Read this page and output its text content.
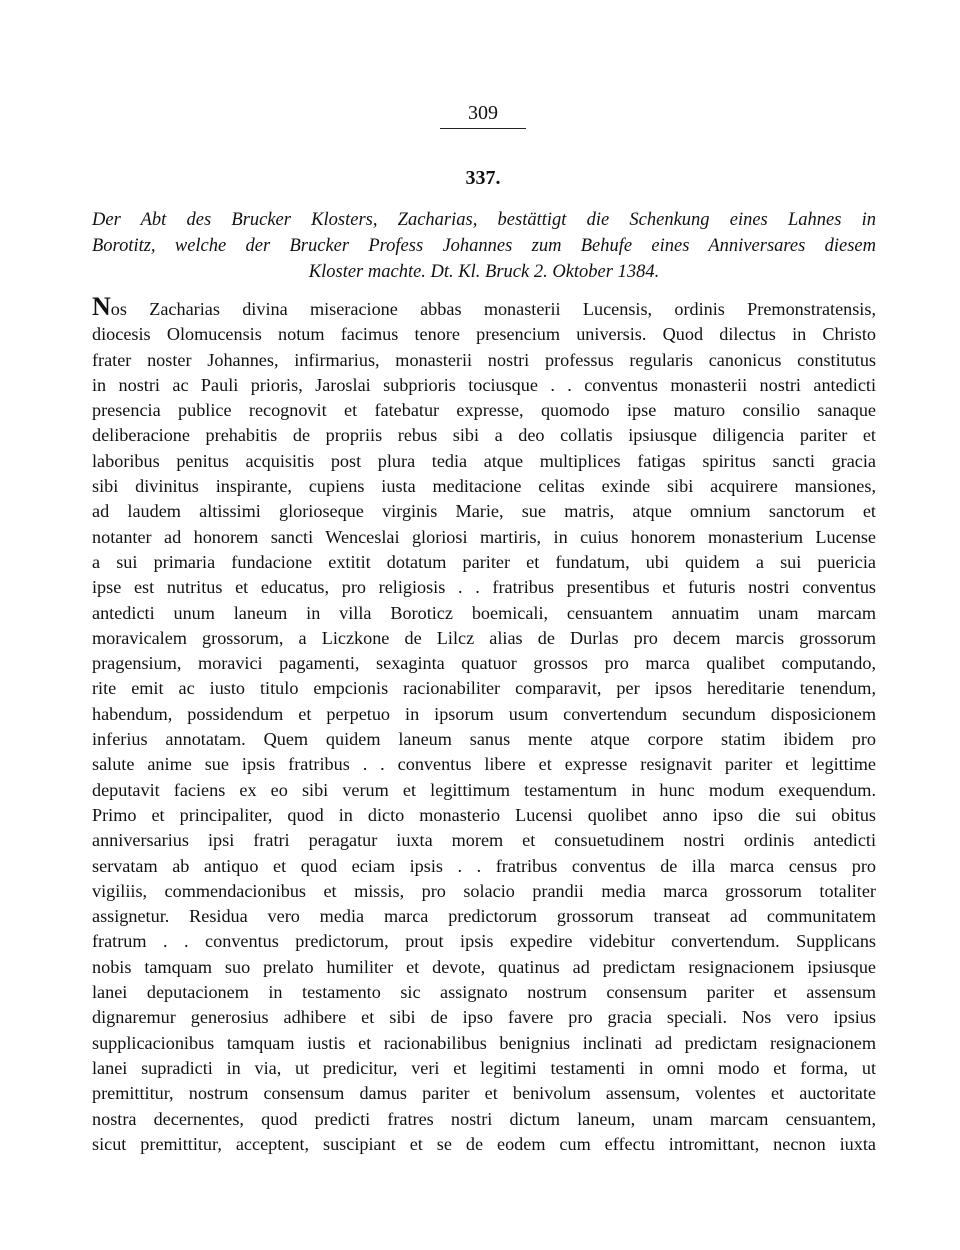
309
337.
Der Abt des Brucker Klosters, Zacharias, bestättigt die Schenkung eines Lahnes in
Borotitz, welche der Brucker Profess Johannes zum Behufe eines Anniversares diesem
Kloster machte. Dt. Kl. Bruck 2. Oktober 1384.
Nos Zacharias divina miseracione abbas monasterii Lucensis, ordinis Premonstratensis,
diocesis Olomucensis notum facimus tenore presencium universis. Quod dilectus in Christo
frater noster Johannes, infirmarius, monasterii nostri professus regularis canonicus constitutus
in nostri ac Pauli prioris, Jaroslai subprioris tociusque . . conventus monasterii nostri antedicti
presencia publice recognovit et fatebatur expresse, quomodo ipse maturo consilio sanaque
deliberacione prehabitis de propriis rebus sibi a deo collatis ipsiusque diligencia pariter et
laboribus penitus acquisitis post plura tedia atque multiplices fatigas spiritus sancti gracia
sibi divinitus inspirante, cupiens iusta meditacione celitas exinde sibi acquirere mansiones,
ad laudem altissimi glorioseque virginis Marie, sue matris, atque omnium sanctorum et
notanter ad honorem sancti Wenceslai gloriosi martiris, in cuius honorem monasterium Lucense
a sui primaria fundacione extitit dotatum pariter et fundatum, ubi quidem a sui puericia
ipse est nutritus et educatus, pro religiosis . . fratribus presentibus et futuris nostri conventus
antedicti unum laneum in villa Boroticz boemicali, censuantem annuatim unam marcam
moravicalem grossorum, a Liczkone de Lilcz alias de Durlas pro decem marcis grossorum
pragensium, moravici pagamenti, sexaginta quatuor grossos pro marca qualibet computando,
rite emit ac iusto titulo empcionis racionabiliter comparavit, per ipsos hereditarie tenendum,
habendum, possidendum et perpetuo in ipsorum usum convertendum secundum disposicionem
inferius annotatam. Quem quidem laneum sanus mente atque corpore statim ibidem pro
salute anime sue ipsis fratribus . . conventus libere et expresse resignavit pariter et legittime
deputavit faciens ex eo sibi verum et legittimum testamentum in hunc modum exequendum.
Primo et principaliter, quod in dicto monasterio Lucensi quolibet anno ipso die sui obitus
anniversarius ipsi fratri peragatur iuxta morem et consuetudinem nostri ordinis antedicti
servatam ab antiquo et quod eciam ipsis . . fratribus conventus de illa marca census pro
vigiliis, commendacionibus et missis, pro solacio prandii media marca grossorum totaliter
assignetur. Residua vero media marca predictorum grossorum transeat ad communitatem
fratrum . . conventus predictorum, prout ipsis expedire videbitur convertendum. Supplicans
nobis tamquam suo prelato humiliter et devote, quatinus ad predictam resignacionem ipsiusque
lanei deputacionem in testamento sic assignato nostrum consensum pariter et assensum
dignaremur generosius adhibere et sibi de ipso favere pro gracia speciali. Nos vero ipsius
supplicacionibus tamquam iustis et racionabilibus benignius inclinati ad predictam resignacionem
lanei supradicti in via, ut predicitur, veri et legitimi testamenti in omni modo et forma, ut
premittitur, nostrum consensum damus pariter et benivolum assensum, volentes et auctoritate
nostra decernentes, quod predicti fratres nostri dictum laneum, unam marcam censuantem,
sicut premittitur, acceptent, suscipiant et se de eodem cum effectu intromittant, necnon iuxta
